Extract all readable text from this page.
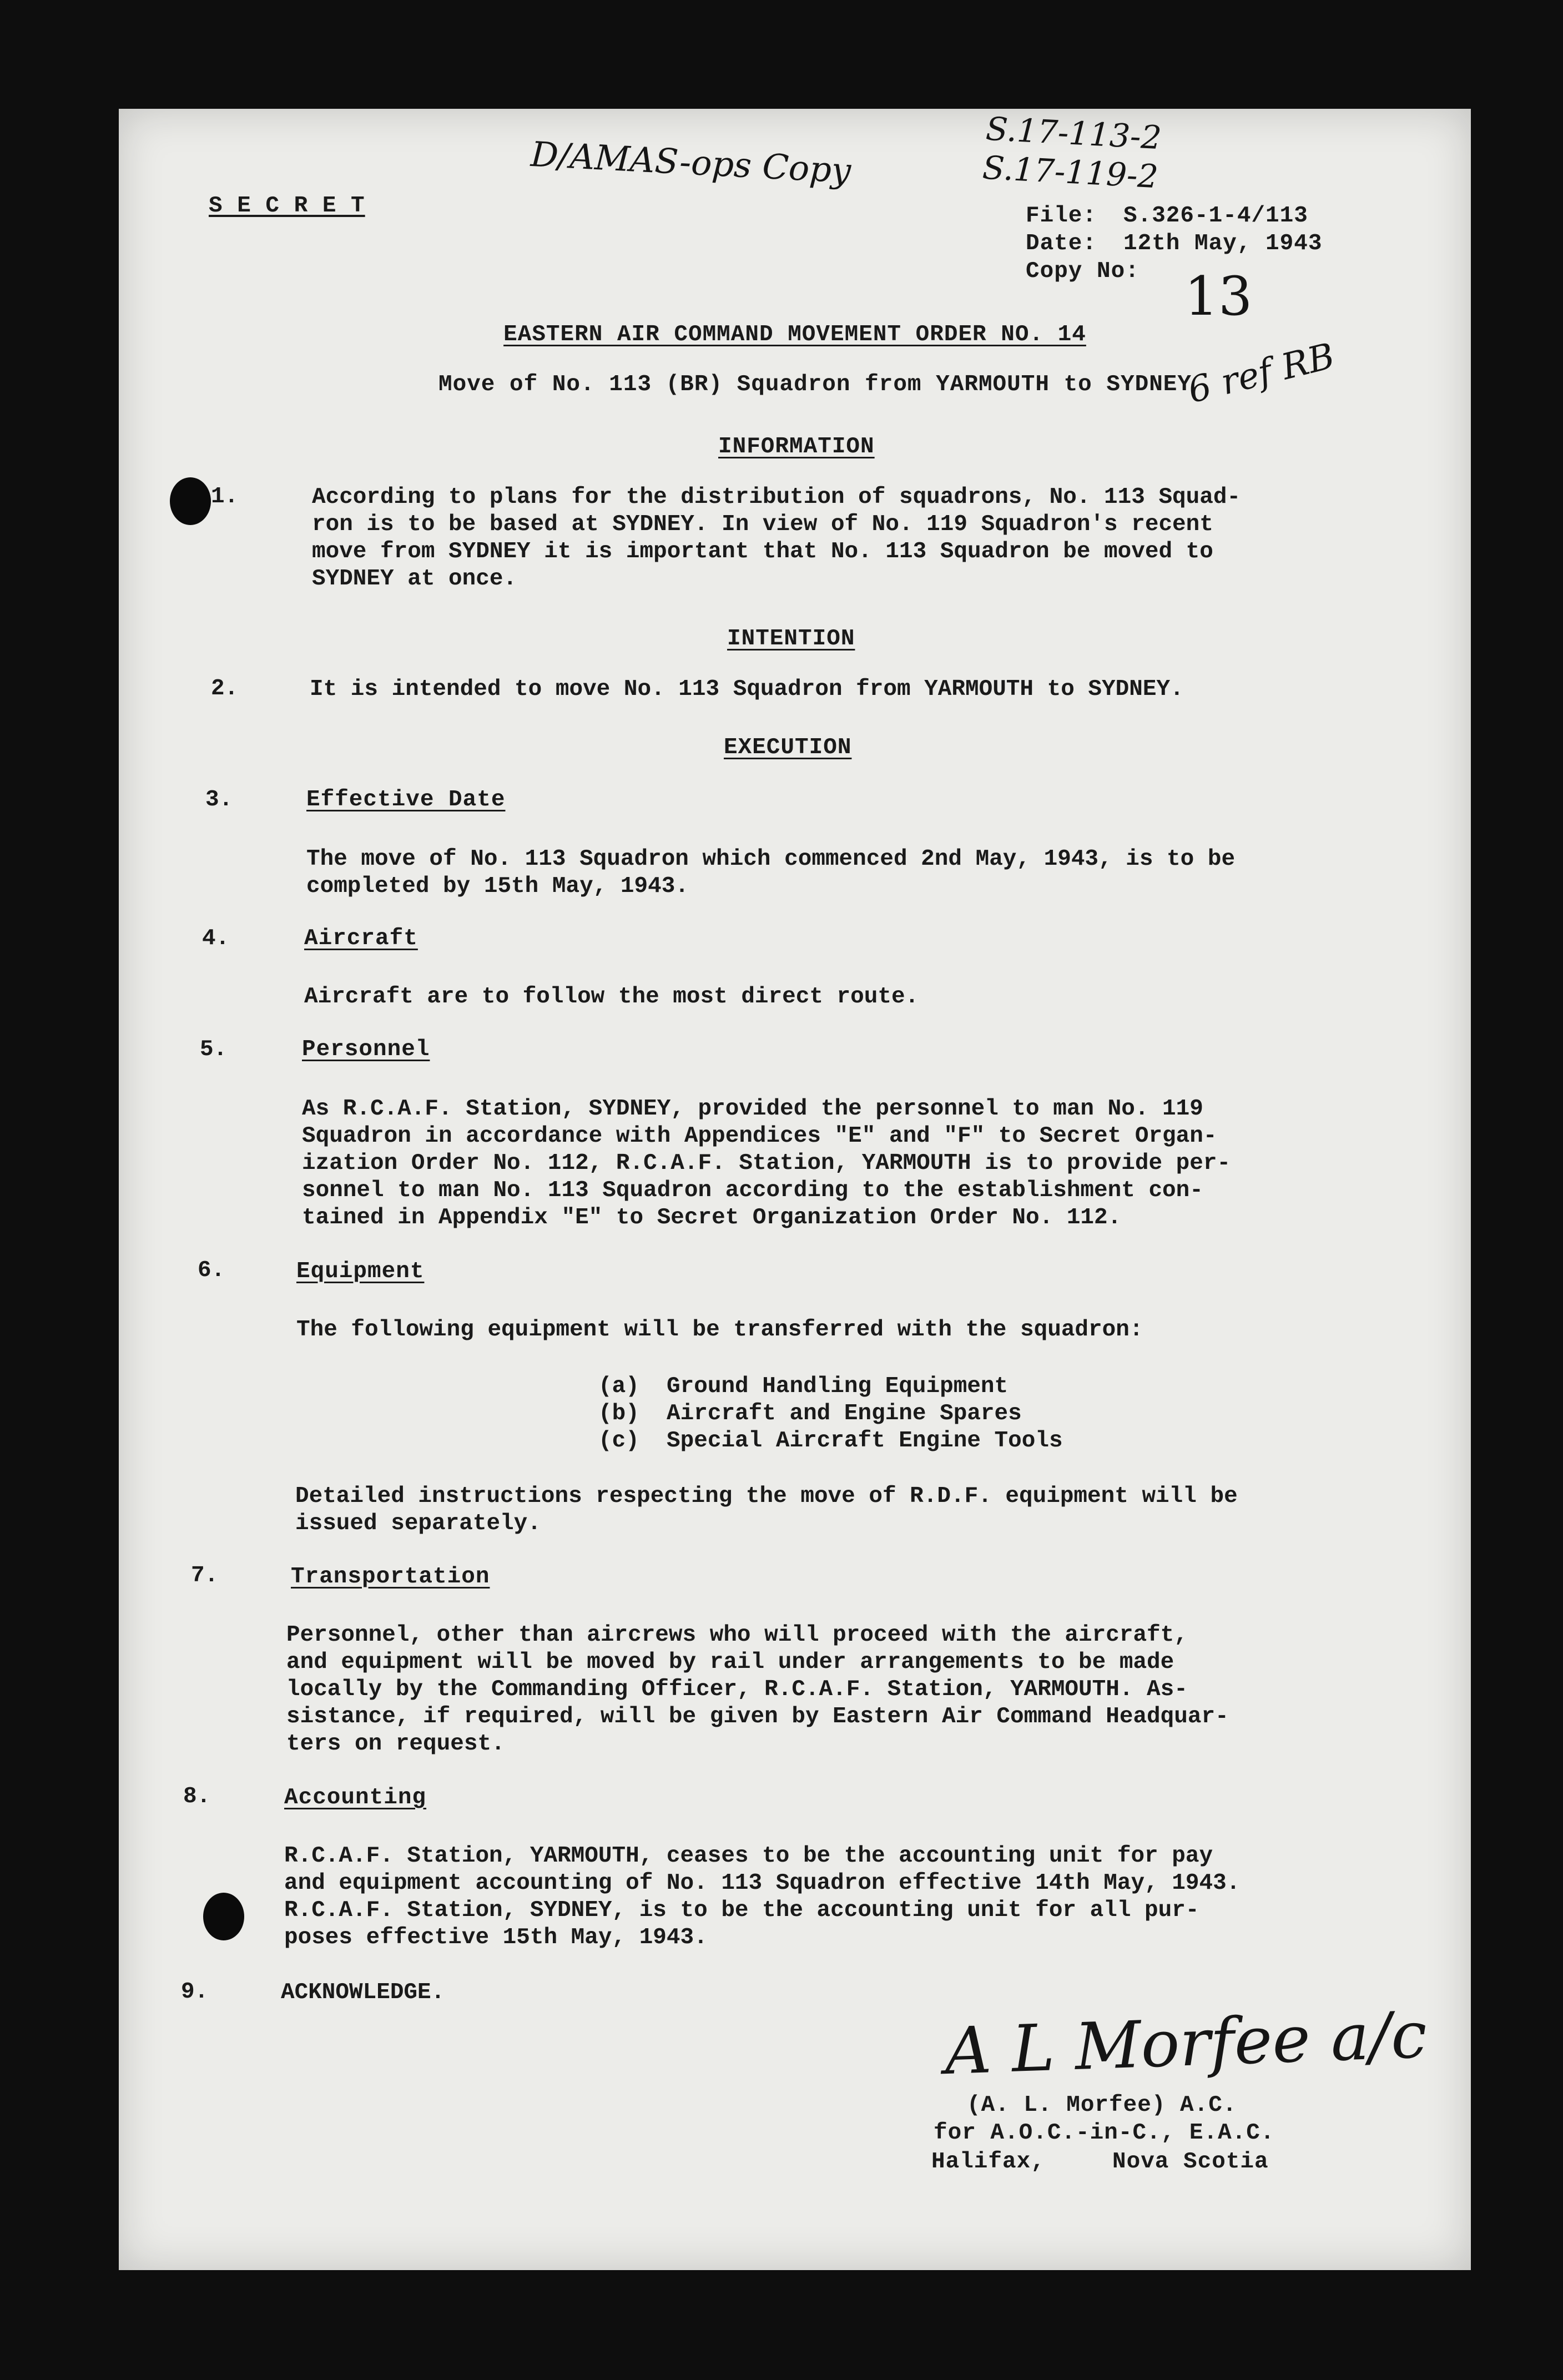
S E C R E T
D/AMAS-ops Copy
S.17-113-2
S.17-119-2
File: S.326-1-4/113
Date: 12th May, 1943
Copy No: 13
6 ref RB
EASTERN AIR COMMAND MOVEMENT ORDER NO. 14
Move of No. 113 (BR) Squadron from YARMOUTH to SYDNEY
INFORMATION
1.	According to plans for the distribution of squadrons, No. 113 Squad-
ron is to be based at SYDNEY. In view of No. 119 Squadron's recent
move from SYDNEY it is important that No. 113 Squadron be moved to
SYDNEY at once.
INTENTION
2.	It is intended to move No. 113 Squadron from YARMOUTH to SYDNEY.
EXECUTION
3.	Effective Date
The move of No. 113 Squadron which commenced 2nd May, 1943, is to be
completed by 15th May, 1943.
4.	Aircraft
Aircraft are to follow the most direct route.
5.	Personnel
As R.C.A.F. Station, SYDNEY, provided the personnel to man No. 119
Squadron in accordance with Appendices "E" and "F" to Secret Organ-
ization Order No. 112, R.C.A.F. Station, YARMOUTH is to provide per-
sonnel to man No. 113 Squadron according to the establishment con-
tained in Appendix "E" to Secret Organization Order No. 112.
6.	Equipment
The following equipment will be transferred with the squadron:
(a) Ground Handling Equipment
(b) Aircraft and Engine Spares
(c) Special Aircraft Engine Tools
Detailed instructions respecting the move of R.D.F. equipment will be
issued separately.
7.	Transportation
Personnel, other than aircrews who will proceed with the aircraft,
and equipment will be moved by rail under arrangements to be made
locally by the Commanding Officer, R.C.A.F. Station, YARMOUTH. As-
sistance, if required, will be given by Eastern Air Command Headquar-
ters on request.
8.	Accounting
R.C.A.F. Station, YARMOUTH, ceases to be the accounting unit for pay
and equipment accounting of No. 113 Squadron effective 14th May, 1943.
R.C.A.F. Station, SYDNEY, is to be the accounting unit for all pur-
poses effective 15th May, 1943.
9.	ACKNOWLEDGE.
A L Morfee a/c
(A. L. Morfee) A.C.
for A.O.C.-in-C., E.A.C.
Halifax,	Nova Scotia
